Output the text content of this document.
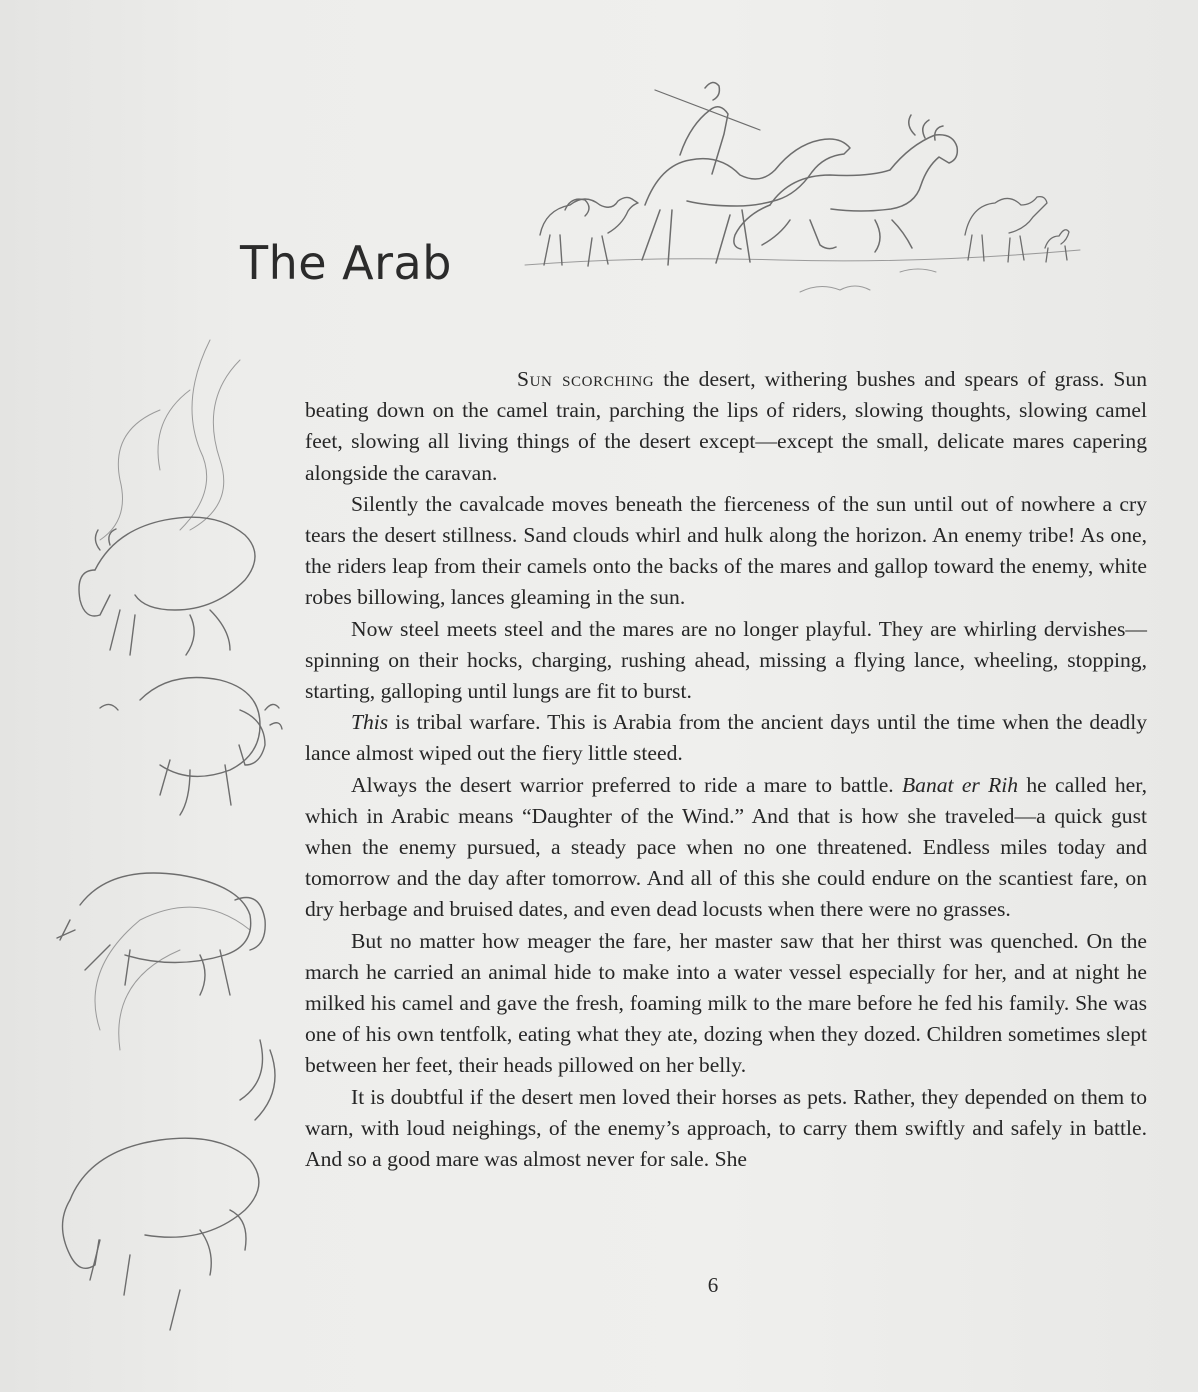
The Arab

Sun scorching the desert, withering bushes and spears of grass. Sun beating down on the camel train, parching the lips of riders, slowing thoughts, slowing camel feet, slowing all living things of the desert except—except the small, delicate mares capering alongside the caravan.

Silently the cavalcade moves beneath the fierceness of the sun until out of nowhere a cry tears the desert stillness. Sand clouds whirl and hulk along the horizon. An enemy tribe! As one, the riders leap from their camels onto the backs of the mares and gallop toward the enemy, white robes billowing, lances gleaming in the sun.

Now steel meets steel and the mares are no longer playful. They are whirling dervishes—spinning on their hocks, charging, rushing ahead, missing a flying lance, wheeling, stopping, starting, galloping until lungs are fit to burst.

This is tribal warfare. This is Arabia from the ancient days until the time when the deadly lance almost wiped out the fiery little steed.

Always the desert warrior preferred to ride a mare to battle. Banat er Rih he called her, which in Arabic means “Daughter of the Wind.” And that is how she traveled—a quick gust when the enemy pursued, a steady pace when no one threatened. Endless miles today and tomorrow and the day after tomorrow. And all of this she could endure on the scantiest fare, on dry herbage and bruised dates, and even dead locusts when there were no grasses.

But no matter how meager the fare, her master saw that her thirst was quenched. On the march he carried an animal hide to make into a water vessel especially for her, and at night he milked his camel and gave the fresh, foaming milk to the mare before he fed his family. She was one of his own tentfolk, eating what they ate, dozing when they dozed. Children sometimes slept between her feet, their heads pillowed on her belly.

It is doubtful if the desert men loved their horses as pets. Rather, they depended on them to warn, with loud neighings, of the enemy’s approach, to carry them swiftly and safely in battle. And so a good mare was almost never for sale. She

6
